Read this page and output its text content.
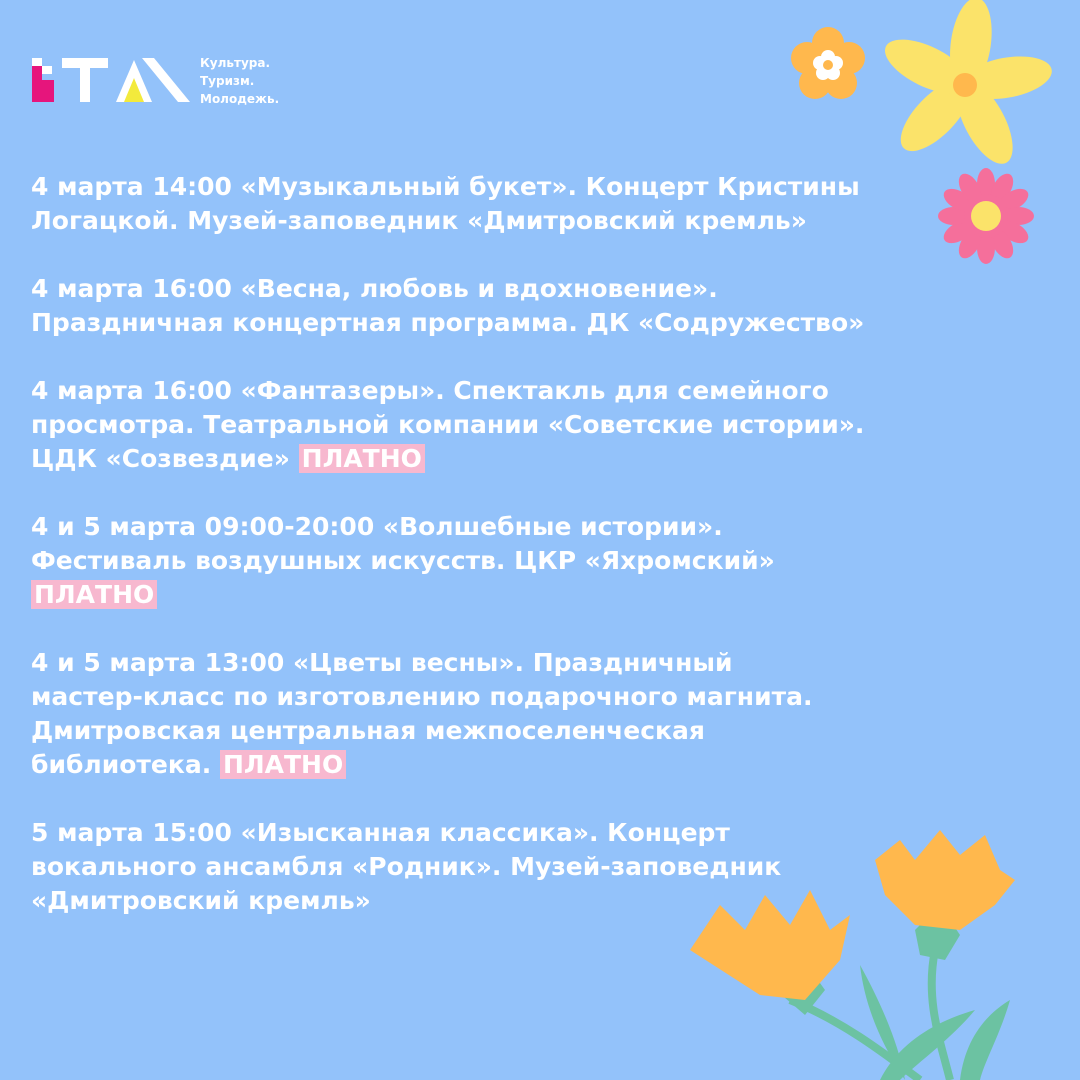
Культура.
Туризм.
Молодежь.
4 марта 14:00 «Музыкальный букет». Концерт Кристины
Логацкой. Музей-заповедник «Дмитровский кремль»
4 марта 16:00 «Весна, любовь и вдохновение».
Праздничная концертная программа. ДК «Содружество»
4 марта 16:00 «Фантазеры». Спектакль для семейного
просмотра. Театральной компании «Советские истории».
ЦДК «Созвездие» ПЛАТНО
4 и 5 марта 09:00-20:00 «Волшебные истории».
Фестиваль воздушных искусств. ЦКР «Яхромский»
ПЛАТНО
4 и 5 марта 13:00 «Цветы весны». Праздничный
мастер-класс по изготовлению подарочного магнита.
Дмитровская центральная межпоселенческая
библиотека. ПЛАТНО
5 марта 15:00 «Изысканная классика». Концерт
вокального ансамбля «Родник». Музей-заповедник
«Дмитровский кремль»
